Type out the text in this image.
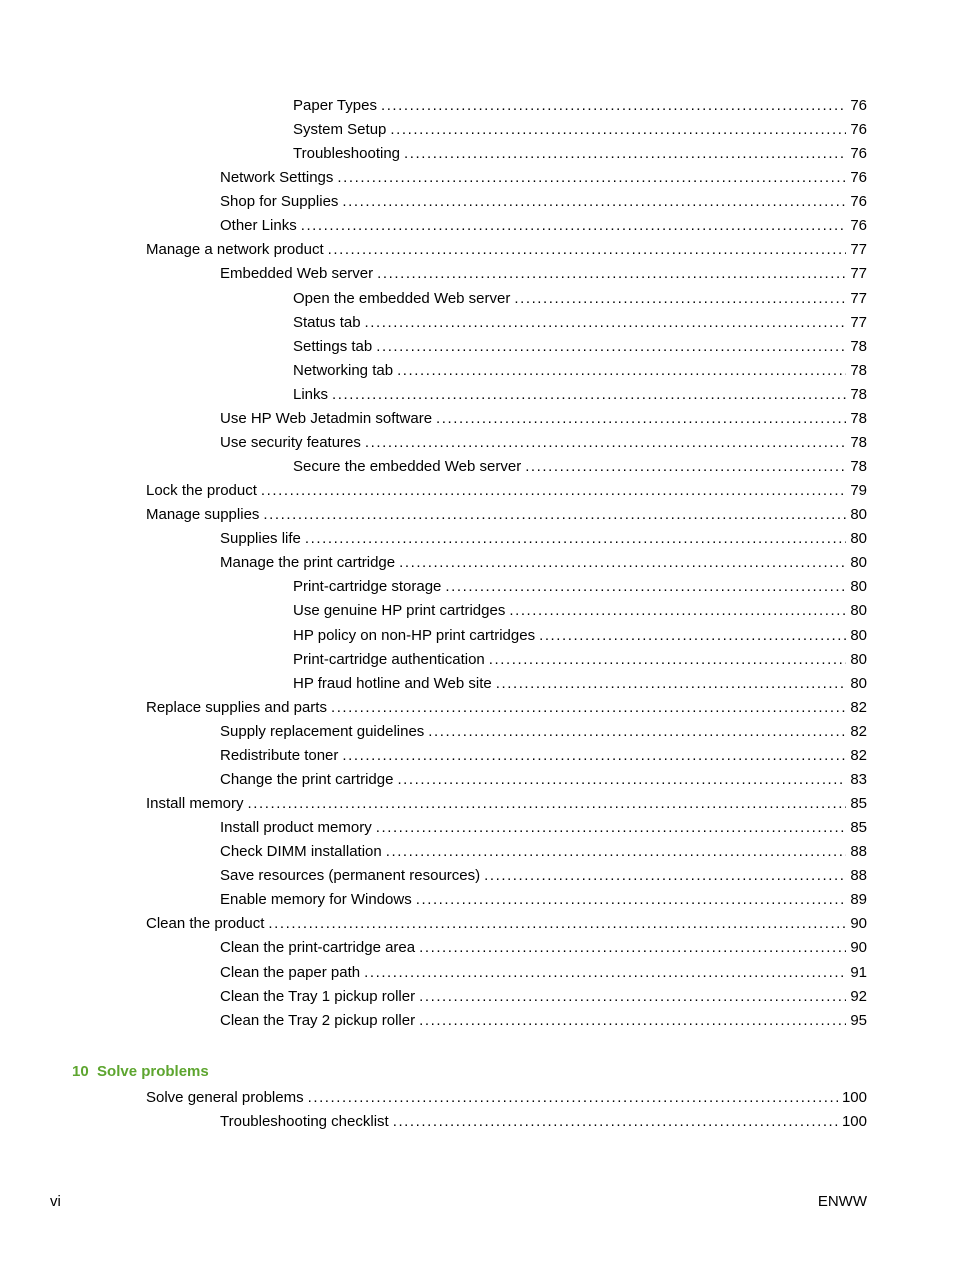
Paper Types . . .	76
System Setup . . .	76
Troubleshooting . . .	76
Network Settings . . .	76
Shop for Supplies . . .	76
Other Links . . .	76
Manage a network product . . .	77
Embedded Web server . . .	77
Open the embedded Web server . . .	77
Status tab . . .	77
Settings tab . . .	78
Networking tab . . .	78
Links . . .	78
Use HP Web Jetadmin software . . .	78
Use security features . . .	78
Secure the embedded Web server . . .	78
Lock the product . . .	79
Manage supplies . . .	80
Supplies life . . .	80
Manage the print cartridge . . .	80
Print-cartridge storage . . .	80
Use genuine HP print cartridges . . .	80
HP policy on non-HP print cartridges . . .	80
Print-cartridge authentication . . .	80
HP fraud hotline and Web site . . .	80
Replace supplies and parts . . .	82
Supply replacement guidelines . . .	82
Redistribute toner . . .	82
Change the print cartridge . . .	83
Install memory . . .	85
Install product memory . . .	85
Check DIMM installation . . .	88
Save resources (permanent resources) . . .	88
Enable memory for Windows . . .	89
Clean the product . . .	90
Clean the print-cartridge area . . .	90
Clean the paper path . . .	91
Clean the Tray 1 pickup roller . . .	92
Clean the Tray 2 pickup roller . . .	95
10 Solve problems
Solve general problems . . .	100
Troubleshooting checklist . . .	100
vi	ENWW
